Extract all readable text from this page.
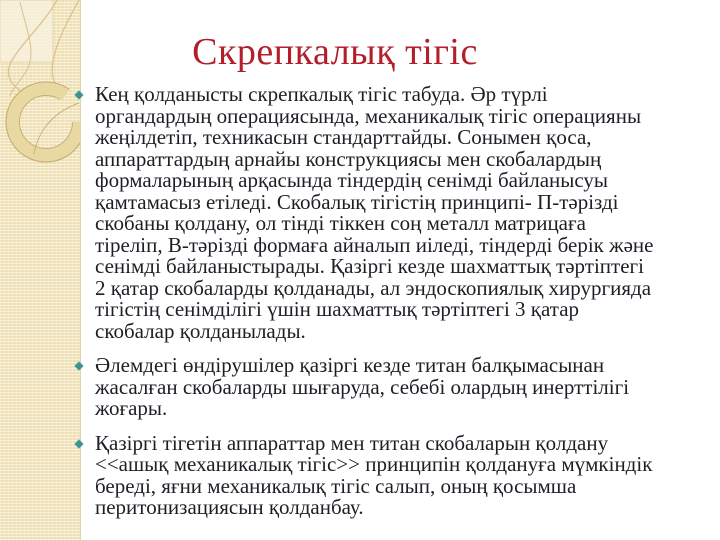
Скрепкалық тігіс

Кең қолданысты скрепкалық тігіс табуда. Әр түрлі органдардың операциясында, механикалық тігіс операцияны жеңілдетіп, техникасын стандарттайды. Сонымен қоса, аппараттардың арнайы конструкциясы мен скобалардың формаларының арқасында тіндердің сенімді байланысуы қамтамасыз етіледі. Скобалық тігістің принципі- П-тәрізді скобаны қолдану, ол тінді тіккен соң металл матрицаға тіреліп, В-тәрізді формаға айналып иіледі, тіндерді берік және сенімді байланыстырады. Қазіргі кезде шахматтық тәртіптегі 2 қатар скобаларды қолданады, ал эндоскопиялық хирургияда тігістің сенімділігі үшін шахматтық тәртіптегі 3 қатар скобалар қолданылады.

Әлемдегі өндірушілер қазіргі кезде титан балқымасынан жасалған скобаларды шығаруда, себебі олардың инерттілігі жоғары.

Қазіргі тігетін аппараттар мен титан скобаларын қолдану <<ашық механикалық тігіс>> принципін қолдануға мүмкіндік береді, яғни механикалық тігіс салып, оның қосымша перитонизациясын қолданбау.
